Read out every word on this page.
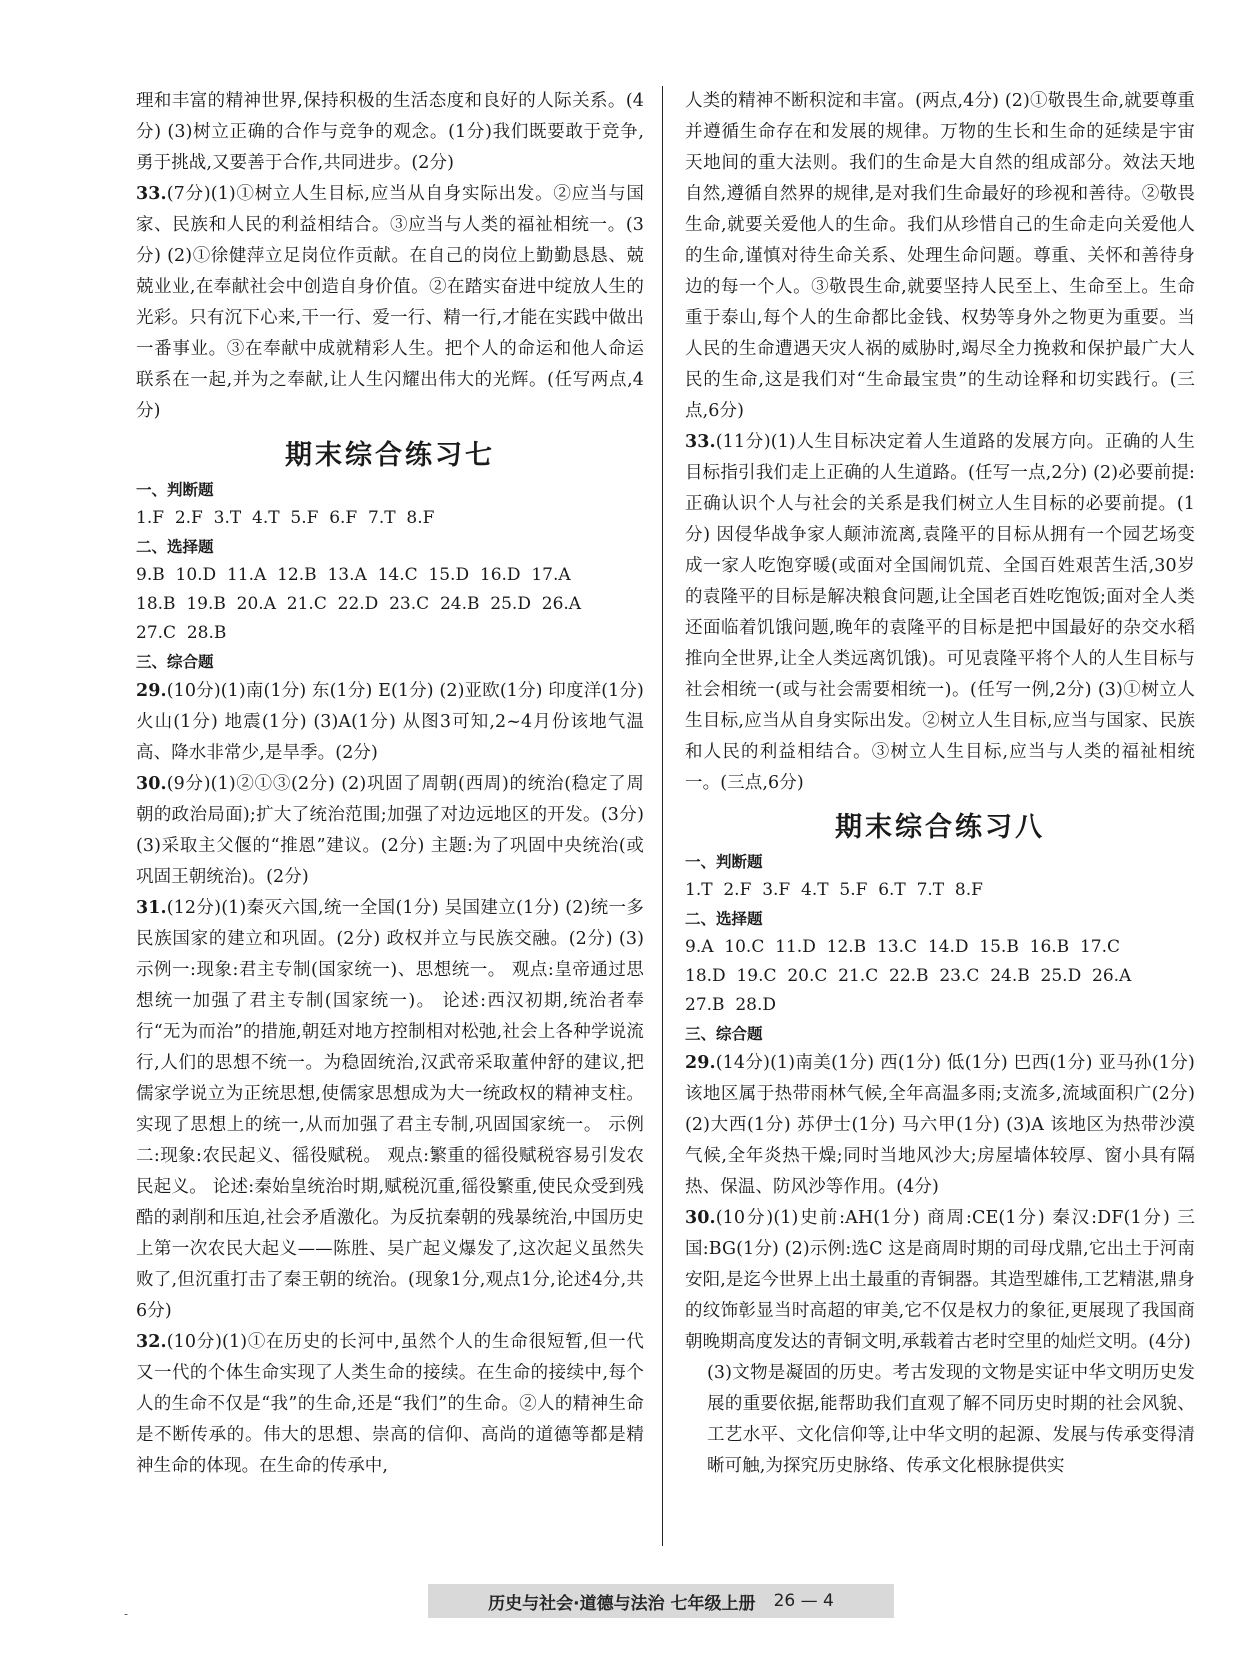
理和丰富的精神世界,保持积极的生活态度和良好的人际关系。(4分) (3)树立正确的合作与竞争的观念。(1分)我们既要敢于竞争,勇于挑战,又要善于合作,共同进步。(2分)

33.(7分)(1)①树立人生目标,应当从自身实际出发。②应当与国家、民族和人民的利益相结合。③应当与人类的福祉相统一。(3分) (2)①徐健萍立足岗位作贡献。在自己的岗位上勤勤恳恳、兢兢业业,在奉献社会中创造自身价值。②在踏实奋进中绽放人生的光彩。只有沉下心来,干一行、爱一行、精一行,才能在实践中做出一番事业。③在奉献中成就精彩人生。把个人的命运和他人命运联系在一起,并为之奉献,让人生闪耀出伟大的光辉。(任写两点,4分)

期末综合练习七

一、判断题

1.F  2.F  3.T  4.T  5.F  6.F  7.T  8.F

二、选择题

9.B  10.D  11.A  12.B  13.A  14.C  15.D  16.D  17.A

18.B  19.B  20.A  21.C  22.D  23.C  24.B  25.D  26.A

27.C  28.B

三、综合题

29.(10分)(1)南(1分) 东(1分) E(1分) (2)亚欧(1分) 印度洋(1分) 火山(1分) 地震(1分) (3)A(1分) 从图3可知,2~4月份该地气温高、降水非常少,是旱季。(2分)

30.(9分)(1)②①③(2分) (2)巩固了周朝(西周)的统治(稳定了周朝的政治局面);扩大了统治范围;加强了对边远地区的开发。(3分) (3)采取主父偃的“推恩”建议。(2分) 主题:为了巩固中央统治(或巩固王朝统治)。(2分)

31.(12分)(1)秦灭六国,统一全国(1分) 吴国建立(1分) (2)统一多民族国家的建立和巩固。(2分) 政权并立与民族交融。(2分) (3)示例一:现象:君主专制(国家统一)、思想统一。 观点:皇帝通过思想统一加强了君主专制(国家统一)。 论述:西汉初期,统治者奉行“无为而治”的措施,朝廷对地方控制相对松弛,社会上各种学说流行,人们的思想不统一。为稳固统治,汉武帝采取董仲舒的建议,把儒家学说立为正统思想,使儒家思想成为大一统政权的精神支柱。实现了思想上的统一,从而加强了君主专制,巩固国家统一。 示例二:现象:农民起义、徭役赋税。 观点:繁重的徭役赋税容易引发农民起义。 论述:秦始皇统治时期,赋税沉重,徭役繁重,使民众受到残酷的剥削和压迫,社会矛盾激化。为反抗秦朝的残暴统治,中国历史上第一次农民大起义——陈胜、吴广起义爆发了,这次起义虽然失败了,但沉重打击了秦王朝的统治。(现象1分,观点1分,论述4分,共6分)

32.(10分)(1)①在历史的长河中,虽然个人的生命很短暂,但一代又一代的个体生命实现了人类生命的接续。在生命的接续中,每个人的生命不仅是“我”的生命,还是“我们”的生命。②人的精神生命是不断传承的。伟大的思想、崇高的信仰、高尚的道德等都是精神生命的体现。在生命的传承中,

人类的精神不断积淀和丰富。(两点,4分) (2)①敬畏生命,就要尊重并遵循生命存在和发展的规律。万物的生长和生命的延续是宇宙天地间的重大法则。我们的生命是大自然的组成部分。效法天地自然,遵循自然界的规律,是对我们生命最好的珍视和善待。②敬畏生命,就要关爱他人的生命。我们从珍惜自己的生命走向关爱他人的生命,谨慎对待生命关系、处理生命问题。尊重、关怀和善待身边的每一个人。③敬畏生命,就要坚持人民至上、生命至上。生命重于泰山,每个人的生命都比金钱、权势等身外之物更为重要。当人民的生命遭遇天灾人祸的威胁时,竭尽全力挽救和保护最广大人民的生命,这是我们对“生命最宝贵”的生动诠释和切实践行。(三点,6分)

33.(11分)(1)人生目标决定着人生道路的发展方向。正确的人生目标指引我们走上正确的人生道路。(任写一点,2分) (2)必要前提:正确认识个人与社会的关系是我们树立人生目标的必要前提。(1分) 因侵华战争家人颠沛流离,袁隆平的目标从拥有一个园艺场变成一家人吃饱穿暖(或面对全国闹饥荒、全国百姓艰苦生活,30岁的袁隆平的目标是解决粮食问题,让全国老百姓吃饱饭;面对全人类还面临着饥饿问题,晚年的袁隆平的目标是把中国最好的杂交水稻推向全世界,让全人类远离饥饿)。可见袁隆平将个人的人生目标与社会相统一(或与社会需要相统一)。(任写一例,2分) (3)①树立人生目标,应当从自身实际出发。②树立人生目标,应当与国家、民族和人民的利益相结合。③树立人生目标,应当与人类的福祉相统一。(三点,6分)

期末综合练习八

一、判断题

1.T  2.F  3.F  4.T  5.F  6.T  7.T  8.F

二、选择题

9.A  10.C  11.D  12.B  13.C  14.D  15.B  16.B  17.C

18.D  19.C  20.C  21.C  22.B  23.C  24.B  25.D  26.A

27.B  28.D

三、综合题

29.(14分)(1)南美(1分) 西(1分) 低(1分) 巴西(1分) 亚马孙(1分) 该地区属于热带雨林气候,全年高温多雨;支流多,流域面积广(2分) (2)大西(1分) 苏伊士(1分) 马六甲(1分) (3)A 该地区为热带沙漠气候,全年炎热干燥;同时当地风沙大;房屋墙体较厚、窗小具有隔热、保温、防风沙等作用。(4分)

30.(10分)(1)史前:AH(1分) 商周:CE(1分) 秦汉:DF(1分) 三国:BG(1分) (2)示例:选C 这是商周时期的司母戊鼎,它出土于河南安阳,是迄今世界上出土最重的青铜器。其造型雄伟,工艺精湛,鼎身的纹饰彰显当时高超的审美,它不仅是权力的象征,更展现了我国商朝晚期高度发达的青铜文明,承载着古老时空里的灿烂文明。(4分)

(3)文物是凝固的历史。考古发现的文物是实证中华文明历史发展的重要依据,能帮助我们直观了解不同历史时期的社会风貌、工艺水平、文化信仰等,让中华文明的起源、发展与传承变得清晰可触,为探究历史脉络、传承文化根脉提供实

-
历史与社会·道德与法治 七年级上册 26 — 4
